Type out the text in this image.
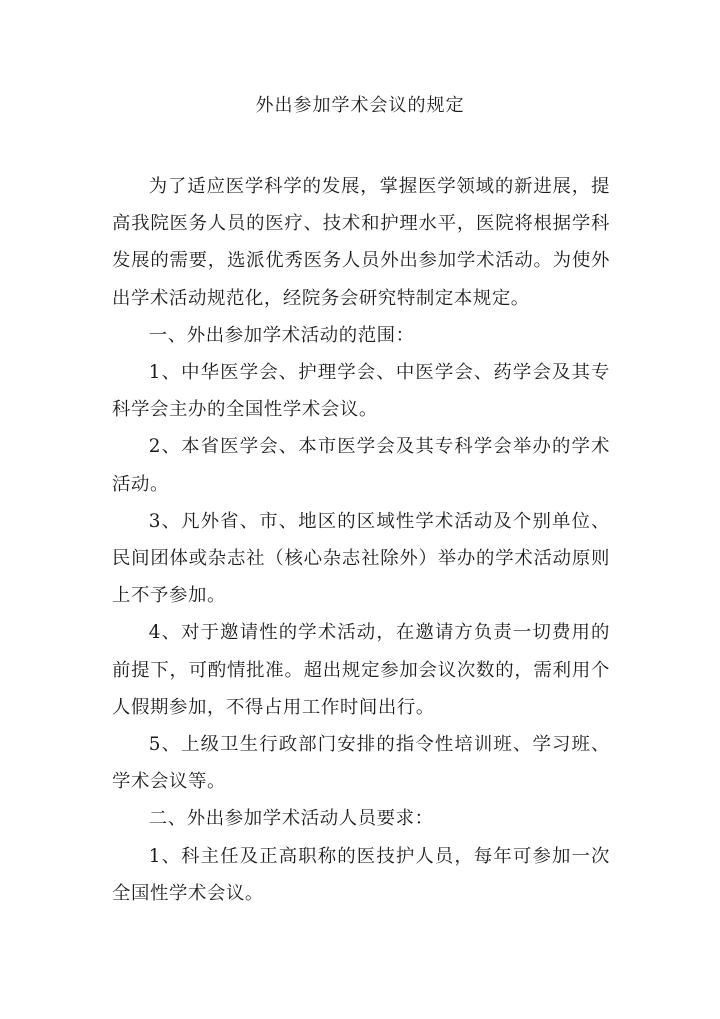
外出参加学术会议的规定

为了适应医学科学的发展，掌握医学领域的新进展，提高我院医务人员的医疗、技术和护理水平，医院将根据学科发展的需要，选派优秀医务人员外出参加学术活动。为使外出学术活动规范化，经院务会研究特制定本规定。

一、外出参加学术活动的范围：

1、中华医学会、护理学会、中医学会、药学会及其专科学会主办的全国性学术会议。

2、本省医学会、本市医学会及其专科学会举办的学术活动。

3、凡外省、市、地区的区域性学术活动及个别单位、民间团体或杂志社（核心杂志社除外）举办的学术活动原则上不予参加。

4、对于邀请性的学术活动，在邀请方负责一切费用的前提下，可酌情批准。超出规定参加会议次数的，需利用个人假期参加，不得占用工作时间出行。

5、上级卫生行政部门安排的指令性培训班、学习班、学术会议等。

二、外出参加学术活动人员要求：

1、科主任及正高职称的医技护人员，每年可参加一次全国性学术会议。
